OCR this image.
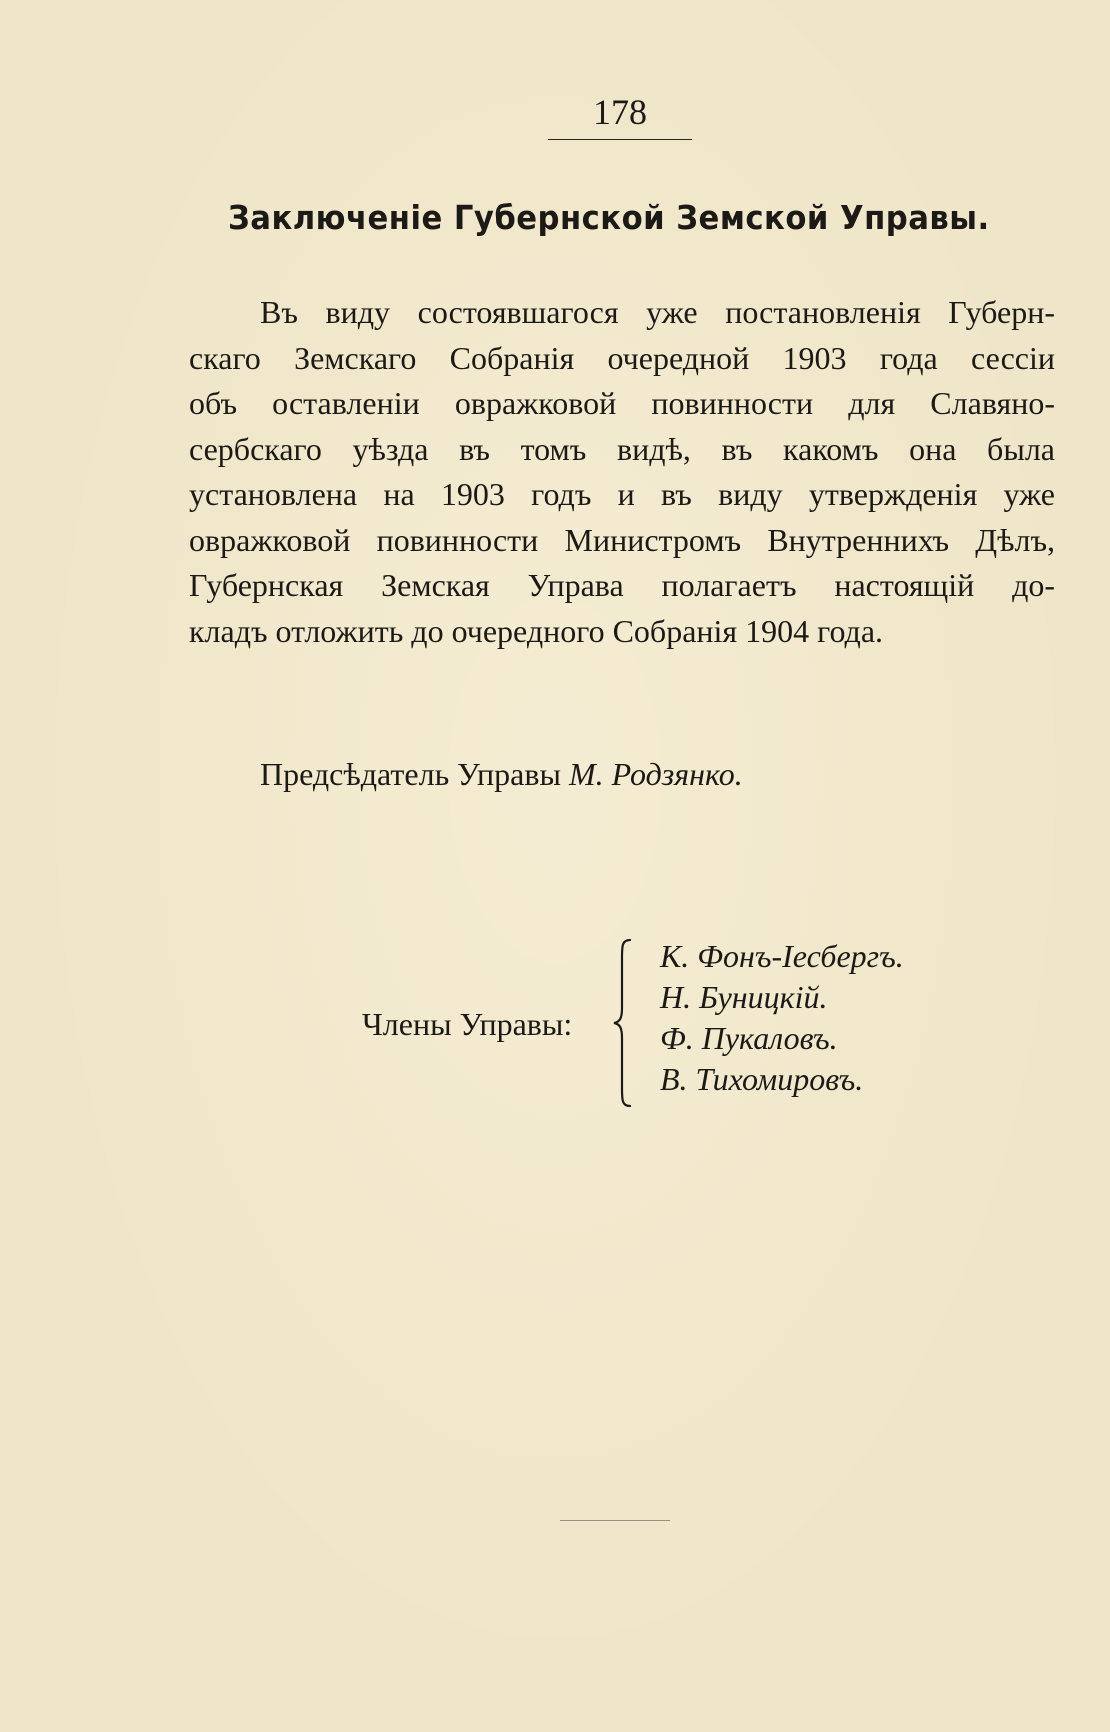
178
Заключеніе Губернской Земской Управы.
Въ виду состоявшагося уже постановленія Губерн-
скаго Земскаго Собранія очередной 1903 года сессіи
объ оставленіи овражковой повинности для Славяно-
сербскаго уѣзда въ томъ видѣ, въ какомъ она была
установлена на 1903 годъ и въ виду утвержденія уже
овражковой повинности Министромъ Внутреннихъ Дѣлъ,
Губернская Земская Управа полагаетъ настоящій до-
кладъ отложить до очередного Собранія 1904 года.
Предсѣдатель Управы М. Родзянко.
Члены Управы:
К. Фонъ-Іесбергъ.
Н. Буницкій.
Ф. Пукаловъ.
В. Тихомировъ.
